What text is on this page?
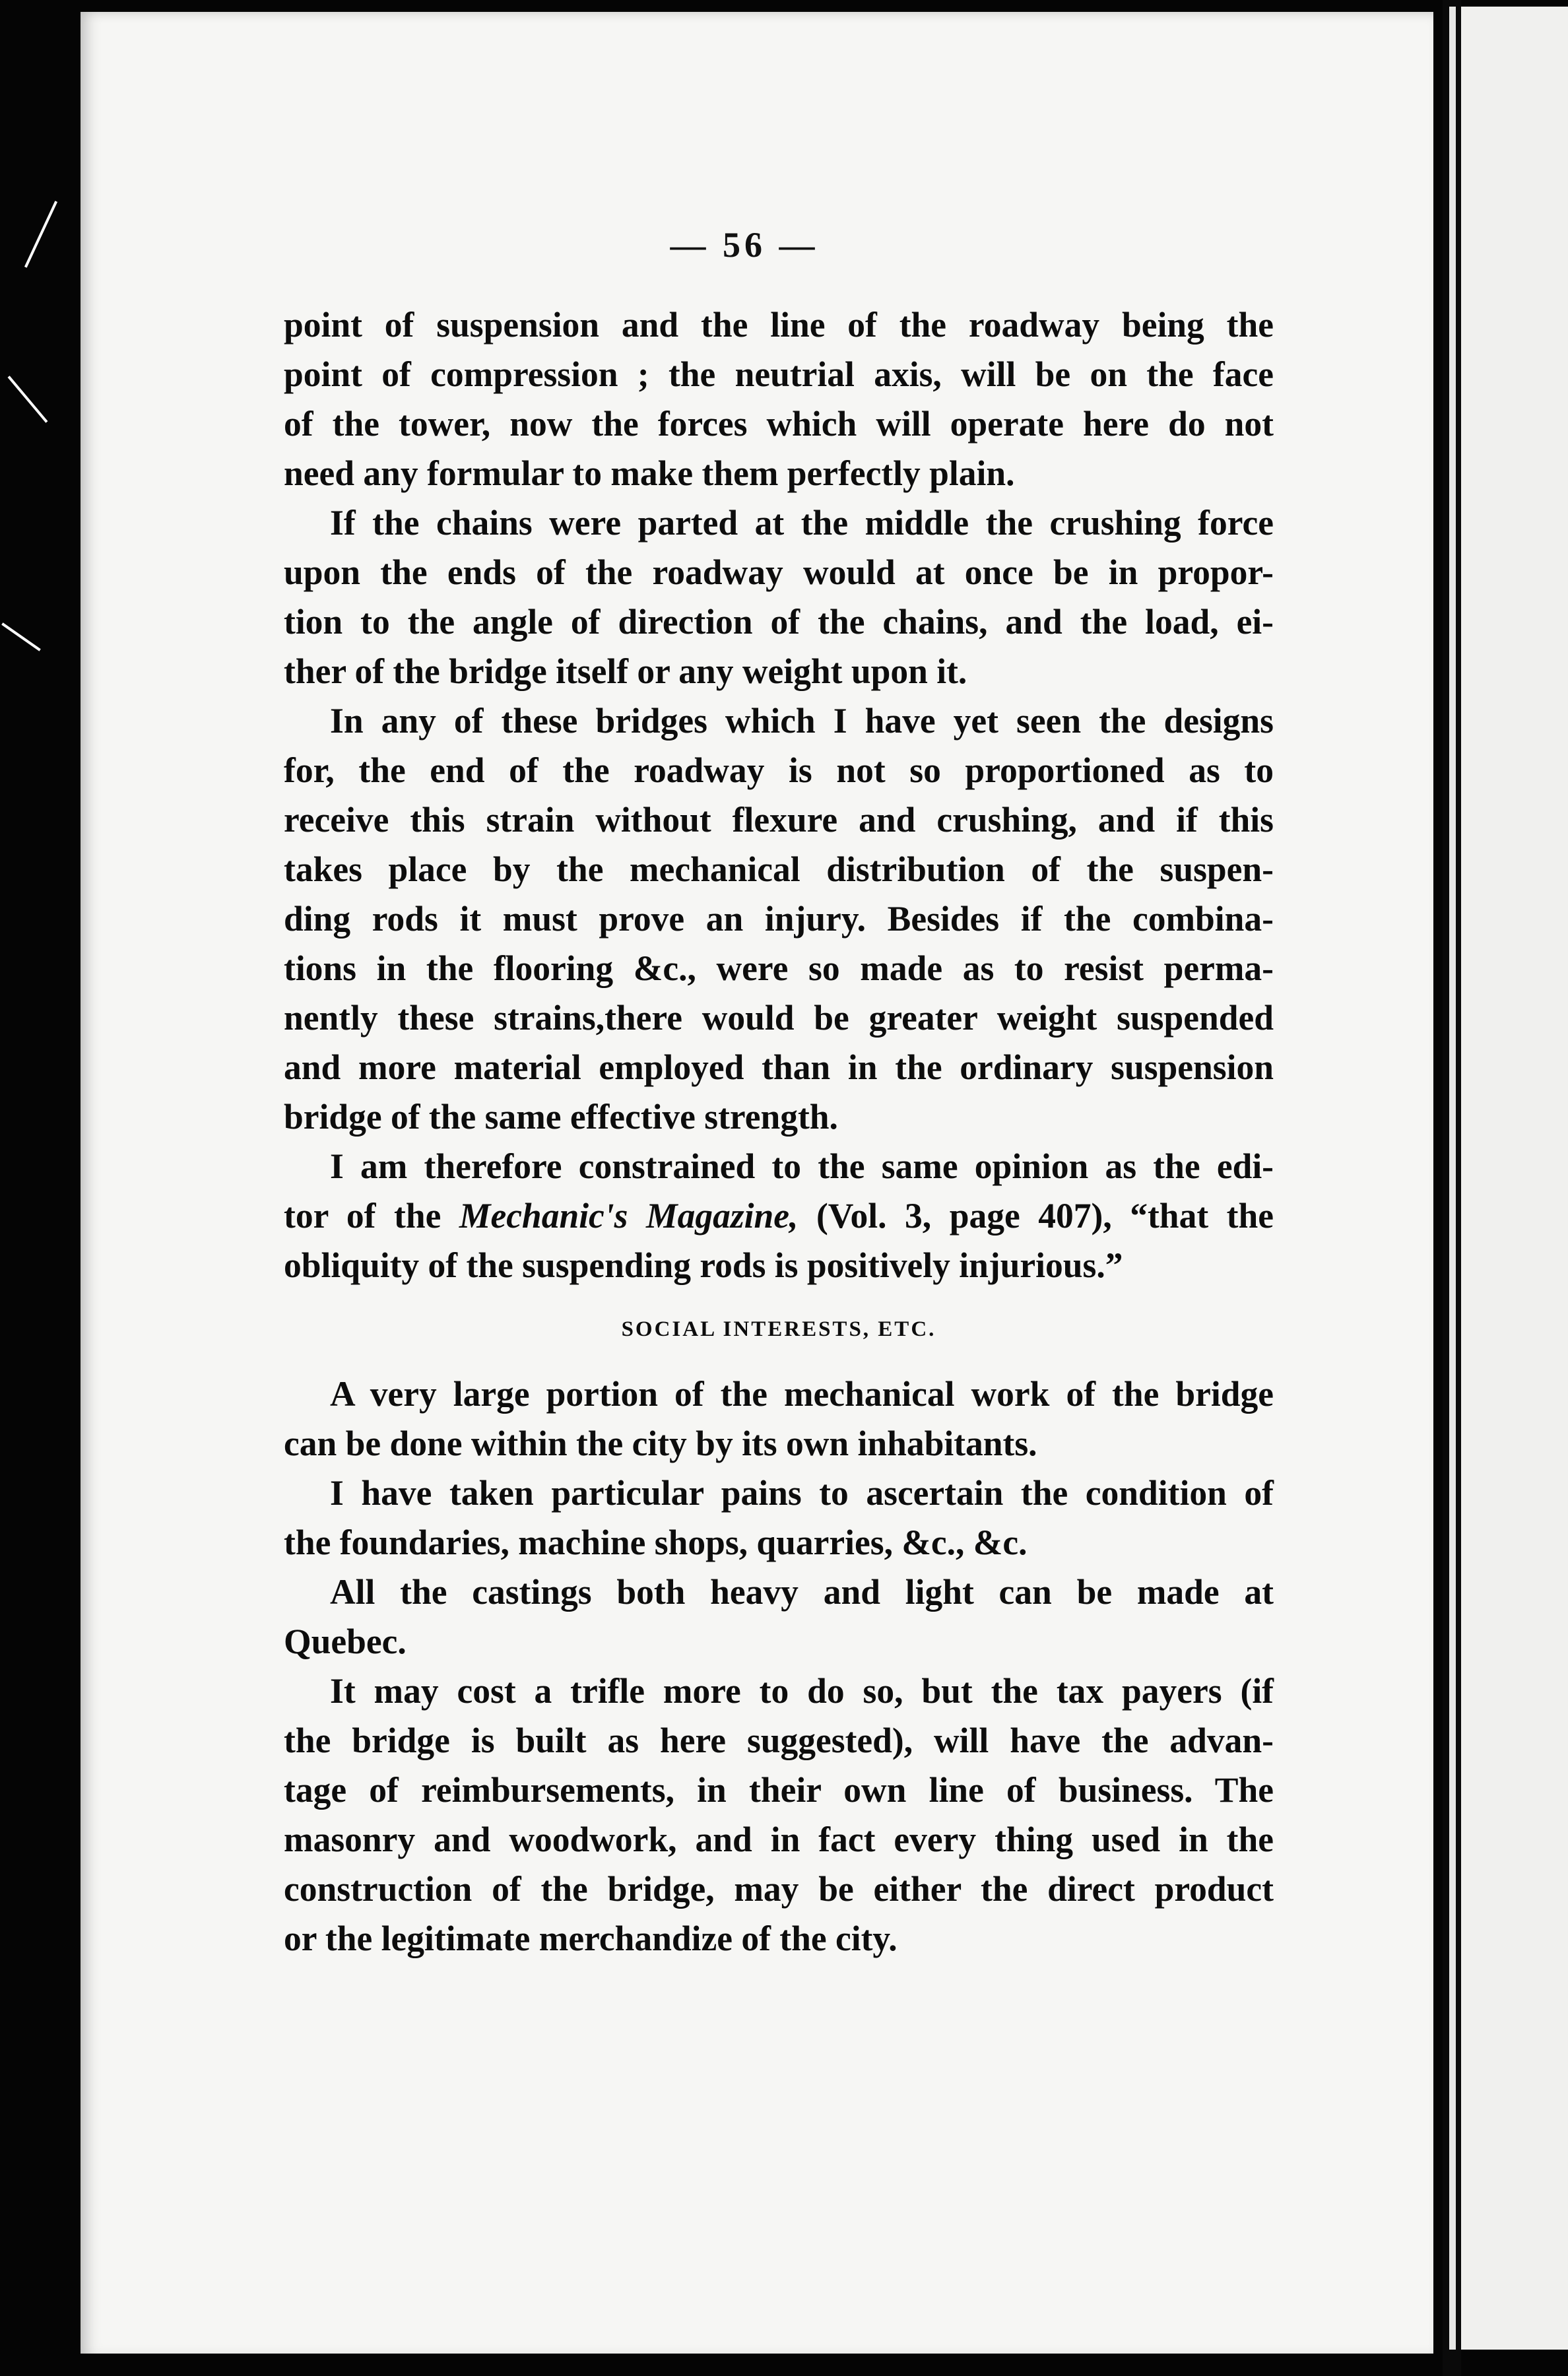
— 56 —

point of suspension and the line of the roadway being the
point of compression ; the neutrial axis, will be on the face
of the tower, now the forces which will operate here do not
need any formular to make them perfectly plain.

If the chains were parted at the middle the crushing force
upon the ends of the roadway would at once be in propor-
tion to the angle of direction of the chains, and the load, ei-
ther of the bridge itself or any weight upon it.

In any of these bridges which I have yet seen the designs
for, the end of the roadway is not so proportioned as to
receive this strain without flexure and crushing, and if this
takes place by the mechanical distribution of the suspen-
ding rods it must prove an injury. Besides if the combina-
tions in the flooring &c., were so made as to resist perma-
nently these strains,there would be greater weight suspended
and more material employed than in the ordinary suspension
bridge of the same effective strength.

I am therefore constrained to the same opinion as the edi-
tor of the Mechanic's Magazine, (Vol. 3, page 407), “that the
obliquity of the suspending rods is positively injurious.”

SOCIAL INTERESTS, ETC.

A very large portion of the mechanical work of the bridge
can be done within the city by its own inhabitants.

I have taken particular pains to ascertain the condition of
the foundaries, machine shops, quarries, &c., &c.

All the castings both heavy and light can be made at
Quebec.

It may cost a trifle more to do so, but the tax payers (if
the bridge is built as here suggested), will have the advan-
tage of reimbursements, in their own line of business. The
masonry and woodwork, and in fact every thing used in the
construction of the bridge, may be either the direct product
or the legitimate merchandize of the city.
